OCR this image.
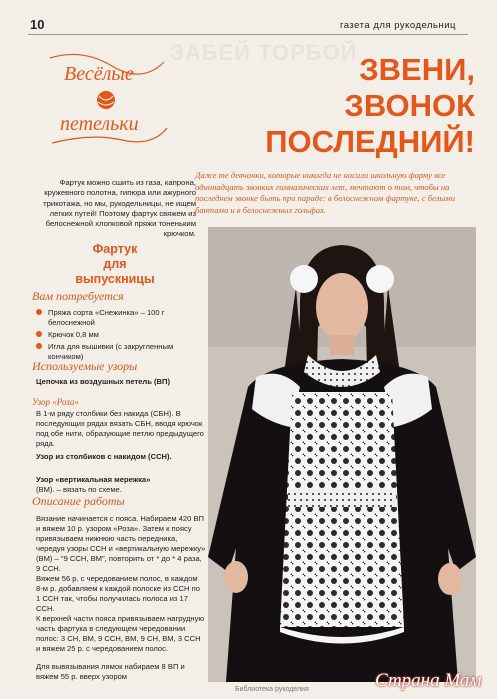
10	газета для рукодельниц
ЗАБЕЙ ТОРБОЙ
Весёлые
петельки
ЗВЕНИ,
ЗВОНОК
ПОСЛЕДНИЙ!
Даже те девчонки, которые никогда не носили школьную форму все одиннадцать звонких гимназических лет, мечтают о том, чтобы на последнем звонке быть при параде: в белоснежном фартуке, с белыми бантами и в белоснежных гольфах.
Фартук можно сшить из газа, капрона, кружевного полотна, гипюра или ажурного трикотажа, но мы, рукодельницы, не ищем легких путей! Поэтому фартук свяжем из белоснежной хлопковой пряжи тоненьким крючком.
Фартук
для
выпускницы
Вам потребуется
Пряжа сорта «Снежинка» – 100 г белоснежной
Крючок 0,8 мм
Игла для вышивки (с закругленным кончиком)
Используемые узоры
Цепочка из воздушных петель (ВП)
Узор «Роза»
В 1-м ряду столбики без накида (СБН). В последующих рядах вязать СБН, вводя крючок под обе нити, образующие петлю предыдущего ряда.
Узор из столбиков с накидом (ССН).
Узор «вертикальная мережка»
(ВМ). – вязать по схеме.
Описание работы
Вязание начинается с пояса. Набираем 420 ВП и вяжем 10 р. узором «Роза». Затем к поясу привязываем нижнюю часть передника, чередуя узоры ССН и «вертикальную мережку» (ВМ) – "9 ССН, ВМ", повторить от * до * 4 раза, 9 ССН.
Вяжем 56 р. с чередованием полос, в каждом 8-м р. добавляем к каждой полоске из ССН по 1 ССН так, чтобы получилась полоса из 17 ССН.
К верхней части пояса привязываем нагрудную часть фартука в следующем чередовании полос: 3 СН, ВМ, 9 ССН, ВМ, 9 СН, ВМ, 3 ССН и вяжем 25 р. с чередованием полос.
Для вывязывания лямок набираем 8 ВП и вяжем 55 р. вверх узором
Библиотека рукоделия	Страна Мам
